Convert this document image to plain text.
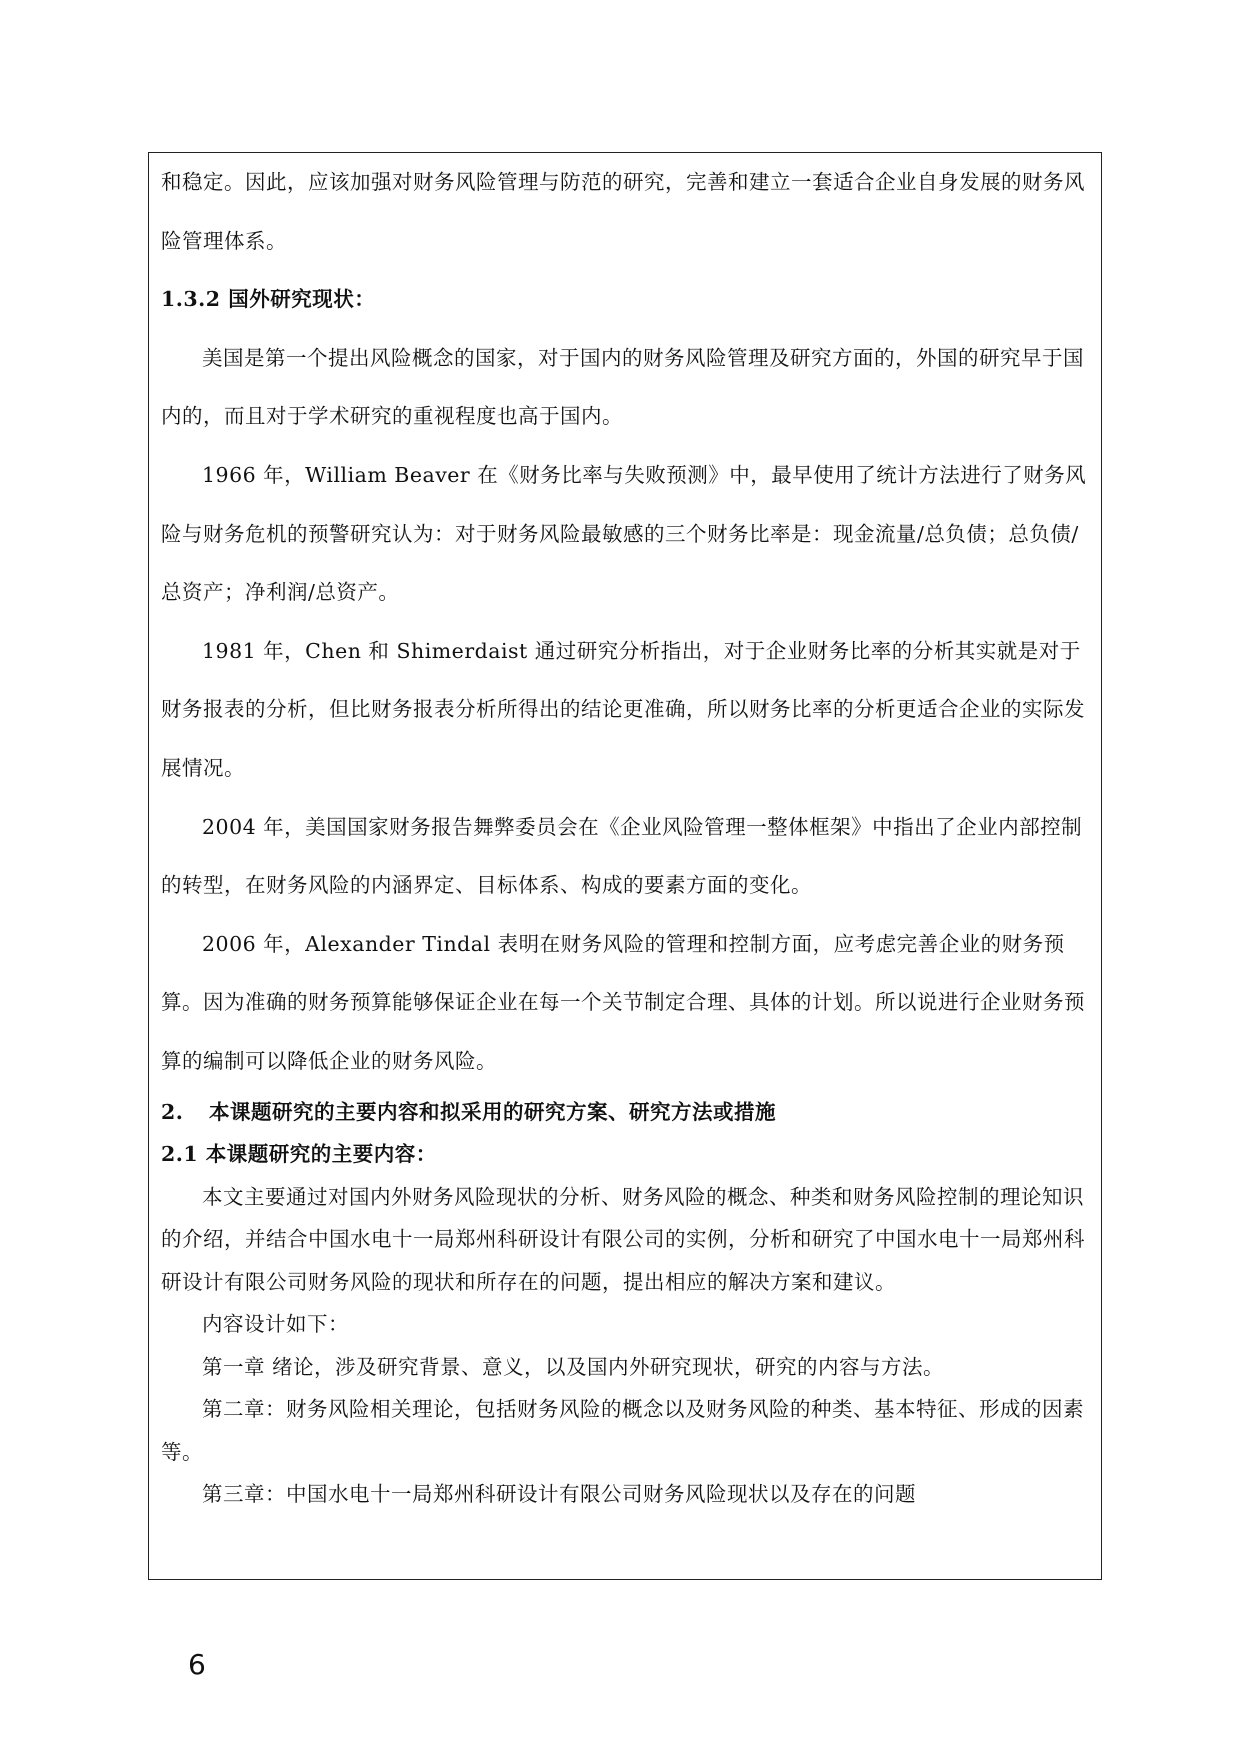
和稳定。因此，应该加强对财务风险管理与防范的研究，完善和建立一套适合企业自身发展的财务风险管理体系。

1.3.2 国外研究现状：

美国是第一个提出风险概念的国家，对于国内的财务风险管理及研究方面的，外国的研究早于国内的，而且对于学术研究的重视程度也高于国内。

1966 年，William Beaver 在《财务比率与失败预测》中，最早使用了统计方法进行了财务风险与财务危机的预警研究认为：对于财务风险最敏感的三个财务比率是：现金流量/总负债；总负债/总资产；净利润/总资产。

1981 年，Chen 和 Shimerdaist 通过研究分析指出，对于企业财务比率的分析其实就是对于财务报表的分析，但比财务报表分析所得出的结论更准确，所以财务比率的分析更适合企业的实际发展情况。

2004 年，美国国家财务报告舞弊委员会在《企业风险管理一整体框架》中指出了企业内部控制的转型，在财务风险的内涵界定、目标体系、构成的要素方面的变化。

2006 年，Alexander Tindal 表明在财务风险的管理和控制方面，应考虑完善企业的财务预算。因为准确的财务预算能够保证企业在每一个关节制定合理、具体的计划。所以说进行企业财务预算的编制可以降低企业的财务风险。

2. 本课题研究的主要内容和拟采用的研究方案、研究方法或措施

2.1 本课题研究的主要内容：

本文主要通过对国内外财务风险现状的分析、财务风险的概念、种类和财务风险控制的理论知识的介绍，并结合中国水电十一局郑州科研设计有限公司的实例，分析和研究了中国水电十一局郑州科研设计有限公司财务风险的现状和所存在的问题，提出相应的解决方案和建议。

内容设计如下：

第一章 绪论，涉及研究背景、意义，以及国内外研究现状，研究的内容与方法。

第二章：财务风险相关理论，包括财务风险的概念以及财务风险的种类、基本特征、形成的因素等。

第三章：中国水电十一局郑州科研设计有限公司财务风险现状以及存在的问题

6
